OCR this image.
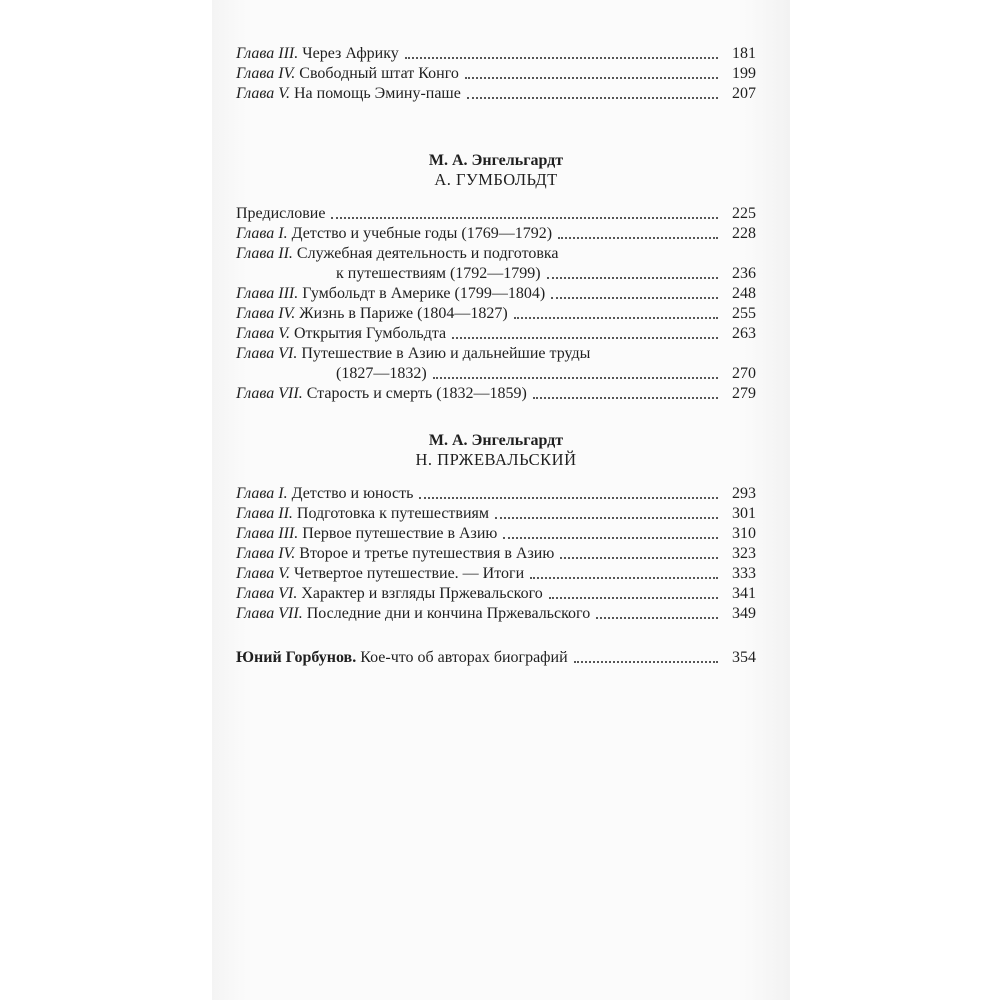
Глава III. Через Африку	181
Глава IV. Свободный штат Конго	199
Глава V. На помощь Эмину-паше	207
М. А. Энгельгардт
А. ГУМБОЛЬДТ
Предисловие	225
Глава I. Детство и учебные годы (1769—1792)	228
Глава II. Служебная деятельность и подготовка
к путешествиям (1792—1799)	236
Глава III. Гумбольдт в Америке (1799—1804)	248
Глава IV. Жизнь в Париже (1804—1827)	255
Глава V. Открытия Гумбольдта	263
Глава VI. Путешествие в Азию и дальнейшие труды
(1827—1832)	270
Глава VII. Старость и смерть (1832—1859)	279
М. А. Энгельгардт
Н. ПРЖЕВАЛЬСКИЙ
Глава I. Детство и юность	293
Глава II. Подготовка к путешествиям	301
Глава III. Первое путешествие в Азию	310
Глава IV. Второе и третье путешествия в Азию	323
Глава V. Четвертое путешествие. — Итоги	333
Глава VI. Характер и взгляды Пржевальского	341
Глава VII. Последние дни и кончина Пржевальского	349
Юний Горбунов. Кое-что об авторах биографий	354
